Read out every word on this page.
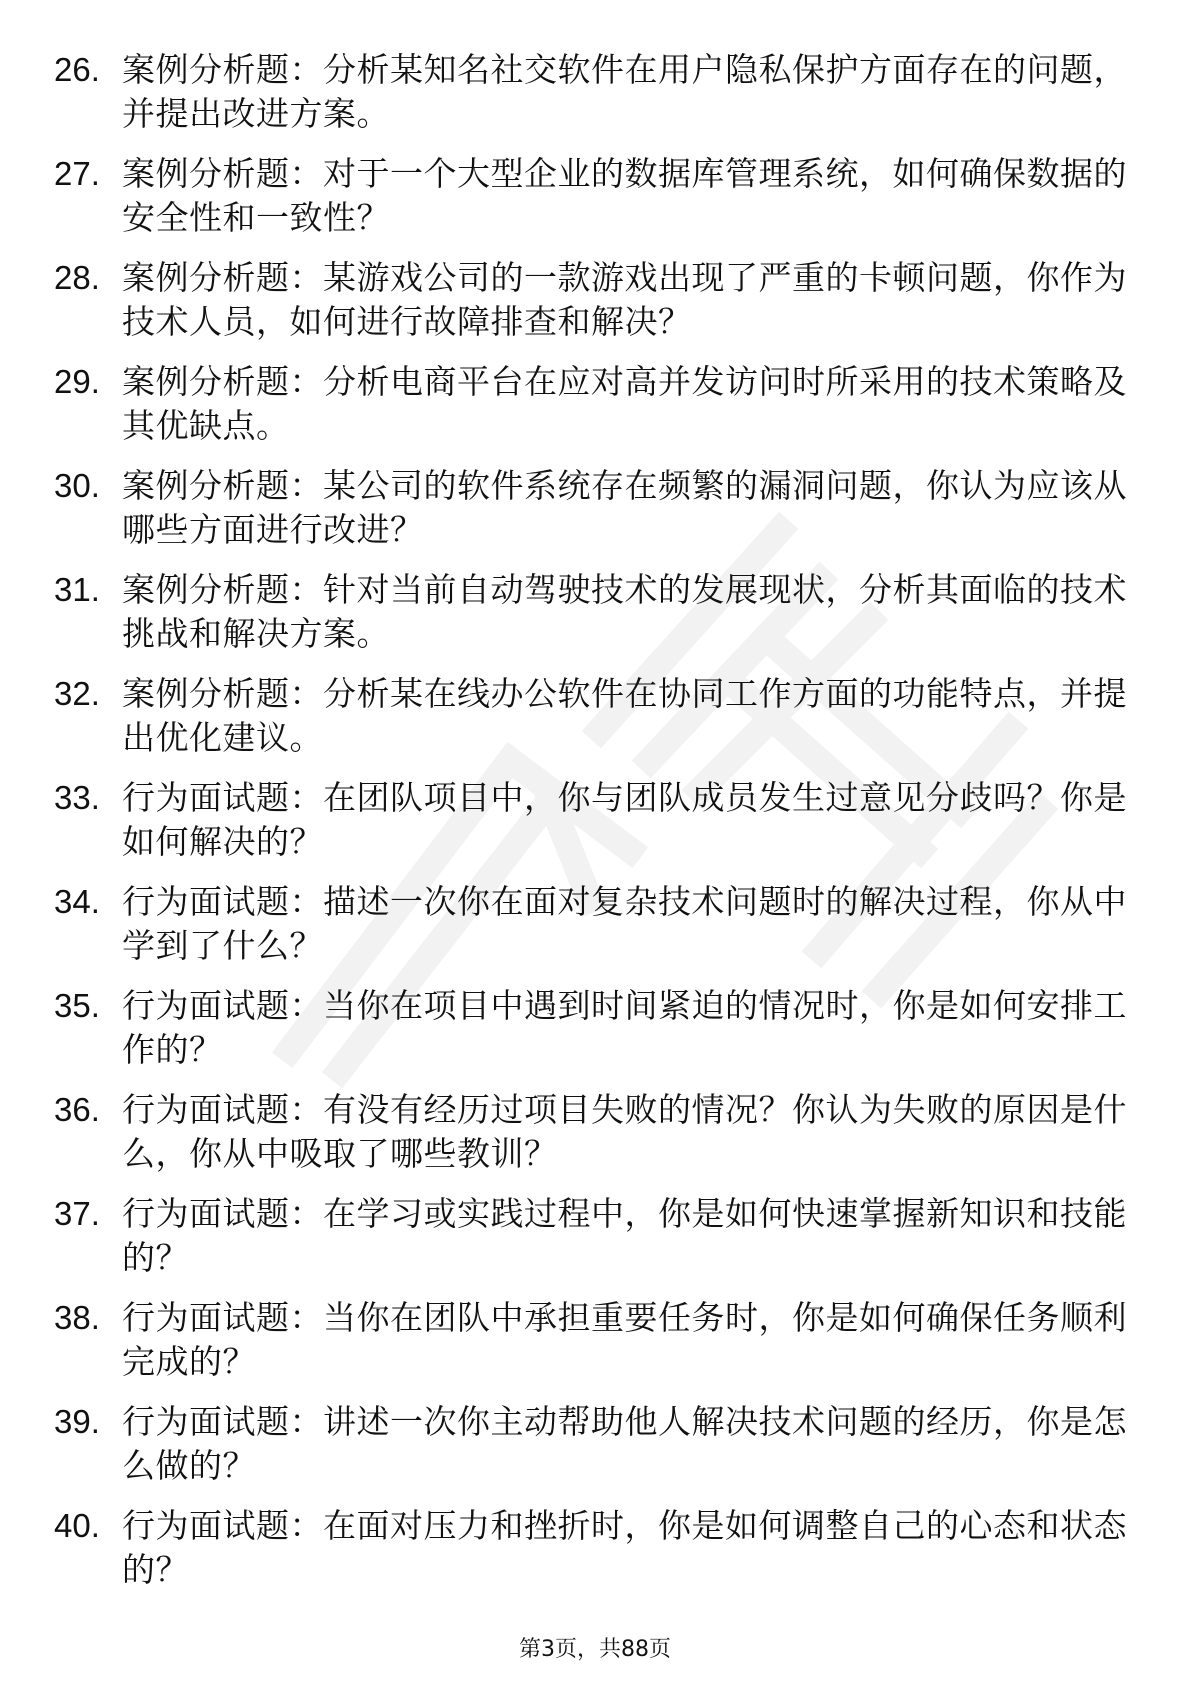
26. 案例分析题：分析某知名社交软件在用户隐私保护方面存在的问题，并提出改进方案。
27. 案例分析题：对于一个大型企业的数据库管理系统，如何确保数据的安全性和一致性？
28. 案例分析题：某游戏公司的一款游戏出现了严重的卡顿问题，你作为技术人员，如何进行故障排查和解决？
29. 案例分析题：分析电商平台在应对高并发访问时所采用的技术策略及其优缺点。
30. 案例分析题：某公司的软件系统存在频繁的漏洞问题，你认为应该从哪些方面进行改进？
31. 案例分析题：针对当前自动驾驶技术的发展现状，分析其面临的技术挑战和解决方案。
32. 案例分析题：分析某在线办公软件在协同工作方面的功能特点，并提出优化建议。
33. 行为面试题：在团队项目中，你与团队成员发生过意见分歧吗？你是如何解决的？
34. 行为面试题：描述一次你在面对复杂技术问题时的解决过程，你从中学到了什么？
35. 行为面试题：当你在项目中遇到时间紧迫的情况时，你是如何安排工作的？
36. 行为面试题：有没有经历过项目失败的情况？你认为失败的原因是什么，你从中吸取了哪些教训？
37. 行为面试题：在学习或实践过程中，你是如何快速掌握新知识和技能的？
38. 行为面试题：当你在团队中承担重要任务时，你是如何确保任务顺利完成的？
39. 行为面试题：讲述一次你主动帮助他人解决技术问题的经历，你是怎么做的？
40. 行为面试题：在面对压力和挫折时，你是如何调整自己的心态和状态的？
第3页，共88页
